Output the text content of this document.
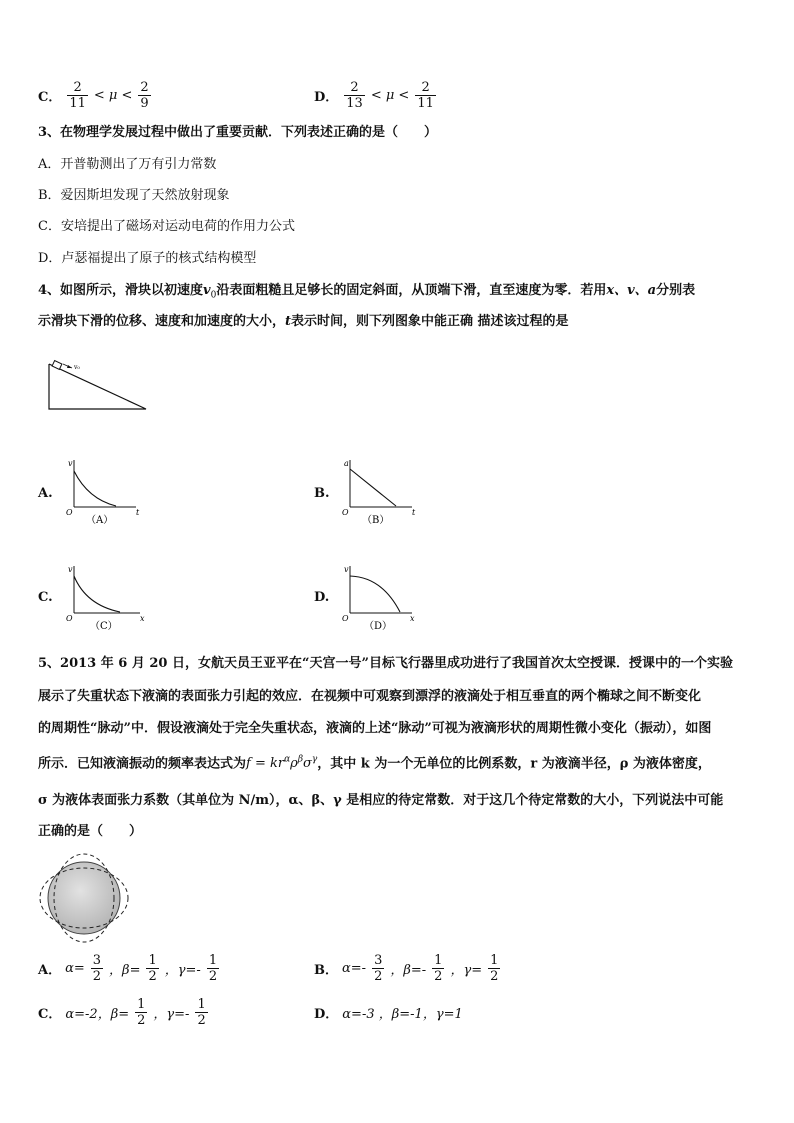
C． $\frac{2}{11} < \mu < \frac{2}{9}$	D． $\frac{2}{13} < \mu < \frac{2}{11}$
3、在物理学发展过程中做出了重要贡献．下列表述正确的是（　　）
A．开普勒测出了万有引力常数
B．爱因斯坦发现了天然放射现象
C．安培提出了磁场对运动电荷的作用力公式
D．卢瑟福提出了原子的核式结构模型
4、如图所示，滑块以初速度$v_0$沿表面粗糙且足够长的固定斜面，从顶端下滑，直至速度为零．若用x、v、a分别表
示滑块下滑的位移、速度和加速度的大小，t表示时间，则下列图象中能正确 描述该过程的是
v₀
A.
v
t
O
（A）
B.
a
t
O
（B）
C.
v
x
O
（C）
D.
v
x
O
（D）
5、2013 年 6 月 20 日，女航天员王亚平在“天宫一号”目标飞行器里成功进行了我国首次太空授课．授课中的一个实验
展示了失重状态下液滴的表面张力引起的效应．在视频中可观察到漂浮的液滴处于相互垂直的两个椭球之间不断变化
的周期性“脉动”中．假设液滴处于完全失重状态，液滴的上述“脉动”可视为液滴形状的周期性微小变化（振动），如图
所示．已知液滴振动的频率表达式为$f = kr^\alpha\rho^\beta\sigma^\gamma$，其中 k 为一个无单位的比例系数，r 为液滴半径，ρ 为液体密度，
σ 为液体表面张力系数（其单位为 N/m），α、β、γ 是相应的待定常数．对于这几个待定常数的大小，下列说法中可能
正确的是（　　）
A． $\alpha= \frac{3}{2}$ ，$\beta= \frac{1}{2}$ ，$\gamma=- \frac{1}{2}$	B． $\alpha=- \frac{3}{2}$ ，$\beta=- \frac{1}{2}$ ，$\gamma= \frac{1}{2}$
C． α=-2，$\beta= \frac{1}{2}$ ，$\gamma=- \frac{1}{2}$	D． α=-3 ，β=-1，γ=1
